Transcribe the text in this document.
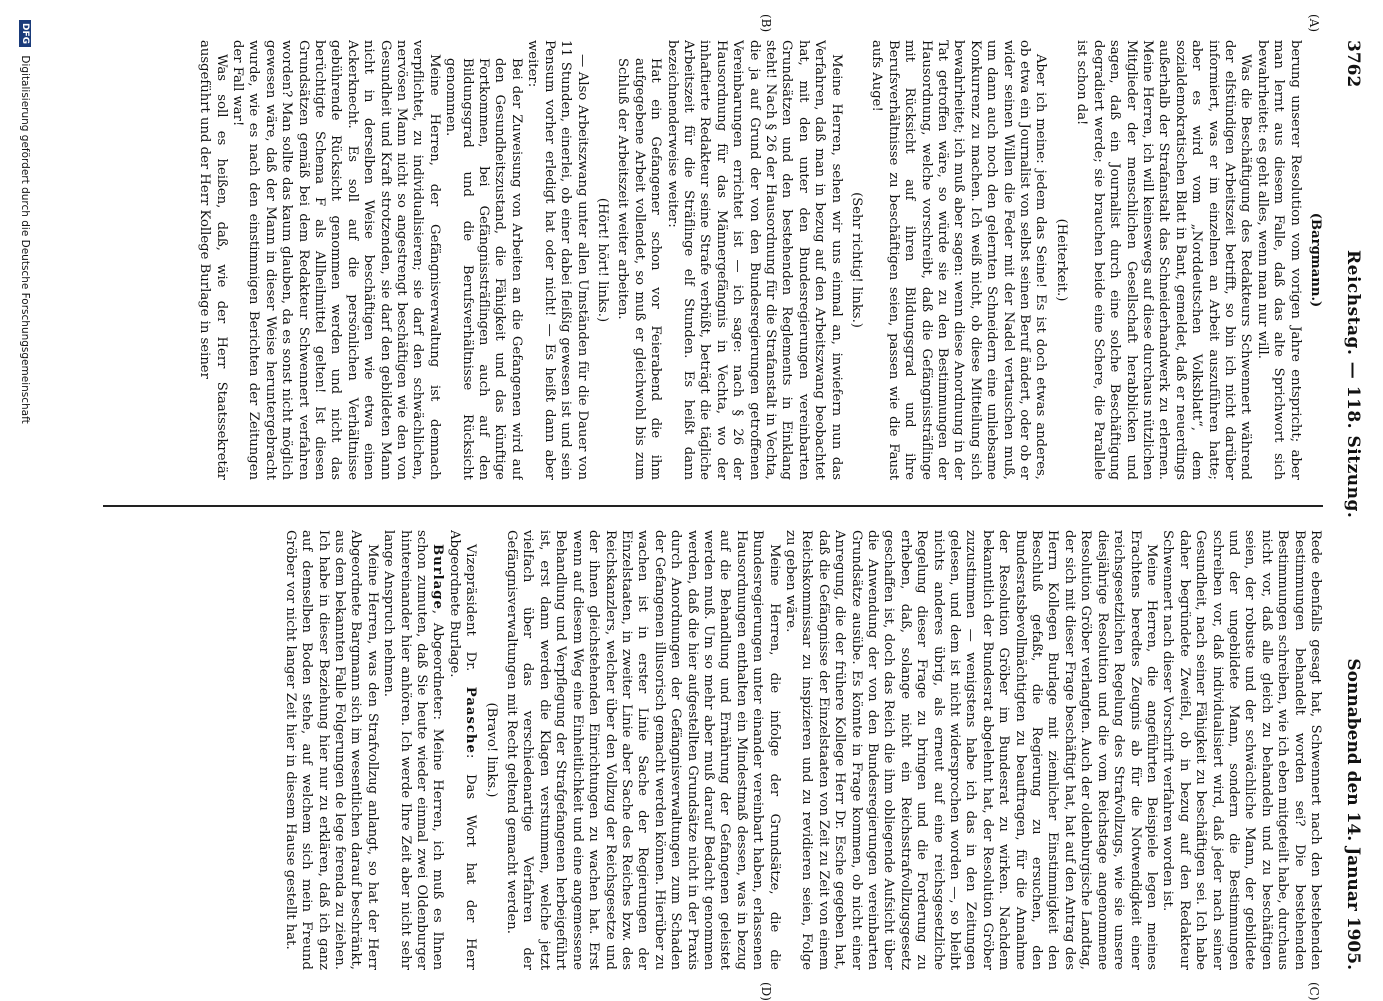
3762
Reichstag. — 118. Sitzung.
Sonnabend den 14. Januar 1905.
(A)
(B)
(C)
(D)
(Bargmann.)

berung unserer Resolution vom vorigen Jahre entspricht; aber man lernt aus diesem Falle, daß das alte Sprichwort sich bewahrheitet: es geht alles, wenn man nur will.

Was die Beschäftigung des Redakteurs Schwennert während der elfstündigen Arbeitszeit betrifft, so bin ich nicht darüber informiert, was er im einzelnen an Arbeit auszuführen hatte; aber es wird vom „Norddeutschen Volksblatt“, dem sozialdemokratischen Blatt in Bant, gemeldet, daß er neuerdings außerhalb der Strafanstalt das Schneiderhandwerk zu erlernen. Meine Herren, ich will keineswegs auf diese durchaus nützlichen Mitglieder der menschlichen Gesellschaft herabblicken und sagen, daß ein Journalist durch eine solche Beschäftigung degradiert werde; sie brauchen beide eine Schere, die Parallele ist schon da!

(Heiterkeit.)

Aber ich meine: jedem das Seine! Es ist doch etwas anderes, ob etwa ein Journalist von selbst seinen Beruf ändert, oder ob er wider seinen Willen die Feder mit der Nadel vertauschen muß, um dann auch noch den gelernten Schneidern eine unliebsame Konkurrenz zu machen. Ich weiß nicht, ob diese Mitteilung sich bewahrheitet; ich muß aber sagen: wenn diese Anordnung in der Tat getroffen wäre, so würde sie zu den Bestimmungen der Hausordnung, welche vorschreibt, daß die Gefängnissträflinge mit Rücksicht auf ihren Bildungsgrad und ihre Berufsverhältnisse zu beschäftigen seien, passen wie die Faust aufs Auge!

(Sehr richtig! links.)

Meine Herren, sehen wir uns einmal an, inwiefern nun das Verfahren, daß man in bezug auf den Arbeitszwang beobachtet hat, mit den unter den Bundesregierungen vereinbarten Grundsätzen und den bestehenden Reglements in Einklang steht! Nach § 26 der Hausordnung für die Strafanstalt in Vechta, die ja auf Grund der von den Bundesregierungen getroffenen Vereinbarungen errichtet ist — ich sage: nach § 26 der Hausordnung für das Männergefängnis in Vechta, wo der inhaftierte Redakteur seine Strafe verbüßt, beträgt die tägliche Arbeitszeit für die Sträflinge elf Stunden. Es heißt dann bezeichnenderweise weiter:

Hat ein Gefangener schon vor Feierabend die ihm aufgegebene Arbeit vollendet, so muß er gleichwohl bis zum Schluß der Arbeitszeit weiter arbeiten.

(Hört! hört! links.)

— Also Arbeitszwang unter allen Umständen für die Dauer von 11 Stunden, einerlei, ob einer dabei fleißig gewesen ist und sein Pensum vorher erledigt hat oder nicht! — Es heißt dann aber weiter:

Bei der Zuweisung von Arbeiten an die Gefangenen wird auf den Gesundheitszustand, die Fähigkeit und das künftige Fortkommen, bei Gefängnissträflingen auch auf den Bildungsgrad und die Berufsverhältnisse Rücksicht genommen.

Meine Herren, der Gefängnisverwaltung ist demnach verpflichtet, zu individualisieren; sie darf den schwächlichen, nervösen Mann nicht so angestrengt beschäftigen wie den von Gesundheit und Kraft strotzenden, sie darf den gebildeten Mann nicht in derselben Weise beschäftigen wie etwa einen Ackerknecht. Es soll auf die persönlichen Verhältnisse gebührende Rücksicht genommen werden und nicht das berüchtigte Schema F als Allheilmittel gelten! Ist diesen Grundsätzen gemäß bei dem Redakteur Schwennert verfahren worden? Man sollte das kaum glauben, da es sonst nicht möglich gewesen wäre, daß der Mann in dieser Weise heruntergebracht wurde, wie es nach den einstimmigen Berichten der Zeitungen der Fall war!

Was soll es heißen, daß, wie der Herr Staatssekretär ausgeführt und der Herr Kollege Burlage in seiner

Rede ebenfalls gesagt hat, Schwennert nach den bestehenden Bestimmungen behandelt worden sei? Die bestehenden Bestimmungen schreiben, wie ich eben mitgeteilt habe, durchaus nicht vor, daß alle gleich zu behandeln und zu beschäftigen seien, der robuste und der schwächliche Mann, der gebildete und der ungebildete Mann, sondern die Bestimmungen schreiben vor, daß individualisiert wird, daß jeder nach seiner Gesundheit, nach seiner Fähigkeit zu beschäftigen sei. Ich habe daher begründete Zweifel, ob in bezug auf den Redakteur Schwennert nach dieser Vorschrift verfahren worden ist.

Meine Herren, die angeführten Beispiele legen meines Erachtens beredtes Zeugnis ab für die Notwendigkeit einer reichsgesetzlichen Regelung des Strafvollzugs, wie sie unsere diesjährige Resolution und die vom Reichstage angenommene Resolution Gröber verlangten. Auch der oldenburgische Landtag, der sich mit dieser Frage beschäftigt hat, hat auf den Antrag des Herrn Kollegen Burlage mit ziemlicher Einstimmigkeit den Beschluß gefaßt, die Regierung zu ersuchen, den Bundesratsbevollmächtigten zu beauftragen, für die Annahme der Resolution Gröber im Bundesrat zu wirken. Nachdem bekanntlich der Bundesrat abgelehnt hat, der Resolution Gröber zuzustimmen — wenigstens habe ich das in den Zeitungen gelesen, und dem ist nicht widersprochen worden —, so bleibt nichts anderes übrig, als erneut auf eine reichsgesetzliche Regelung dieser Frage zu bringen und die Forderung zu erheben, daß, solange nicht ein Reichsstrafvollzugsgesetz geschaffen ist, doch das Reich die ihm obliegende Aufsicht über die Anwendung der von den Bundesregierungen vereinbarten Grundsätze ausübe. Es könnte in Frage kommen, ob nicht einer Anregung, die der frühere Kollege Herr Dr. Esche gegeben hat, daß die Gefängnisse der Einzelstaaten von Zeit zu Zeit von einem Reichskommissar zu inspizieren und zu revidieren seien, Folge zu geben wäre.

Meine Herren, die infolge der Grundsätze, die die Bundesregierungen unter einander vereinbart haben, erlassenen Hausordnungen enthalten ein Mindestmaß dessen, was in bezug auf die Behandlung und Ernährung der Gefangenen geleistet werden muß. Um so mehr aber muß darauf Bedacht genommen werden, daß die hier aufgestellten Grundsätze nicht in der Praxis durch Anordnungen der Gefängnisverwaltungen zum Schaden der Gefangenen illusorisch gemacht werden können. Hierüber zu wachen ist in erster Linie Sache der Regierungen der Einzelstaaten, in zweiter Linie aber Sache des Reiches bzw. des Reichskanzlers, welcher über den Vollzug der Reichsgesetze und der ihnen gleichstehenden Einrichtungen zu wachen hat. Erst wenn auf diesem Weg eine Einheitlichkeit und eine angemessene Behandlung und Verpflegung der Strafgefangenen herbeigeführt ist, erst dann werden die Klagen verstummen, welche jetzt vielfach über das verschiedenartige Verfahren der Gefängnisverwaltungen mit Recht geltend gemacht werden.

(Bravo! links.)

Vizepräsident Dr. Paasche: Das Wort hat der Herr Abgeordnete Burlage.

Burlage, Abgeordneter: Meine Herren, ich muß es Ihnen schon zumuten, daß Sie heute wieder einmal zwei Oldenburger hintereinander hier anhören. Ich werde Ihre Zeit aber nicht sehr lange Anspruch nehmen.

Meine Herren, was den Strafvollzug anlangt, so hat der Herr Abgeordnete Bargmann sich im wesentlichen darauf beschränkt, aus dem bekannten Falle Folgerungen de lege ferenda zu ziehen. Ich habe in dieser Beziehung hier nur zu erklären, daß ich ganz auf demselben Boden stehe, auf welchem sich mein Freund Gröber vor nicht langer Zeit hier in diesem Hause gestellt hat.

DFG Digitalisierung gefördert durch die Deutsche Forschungsgemeinschaft
